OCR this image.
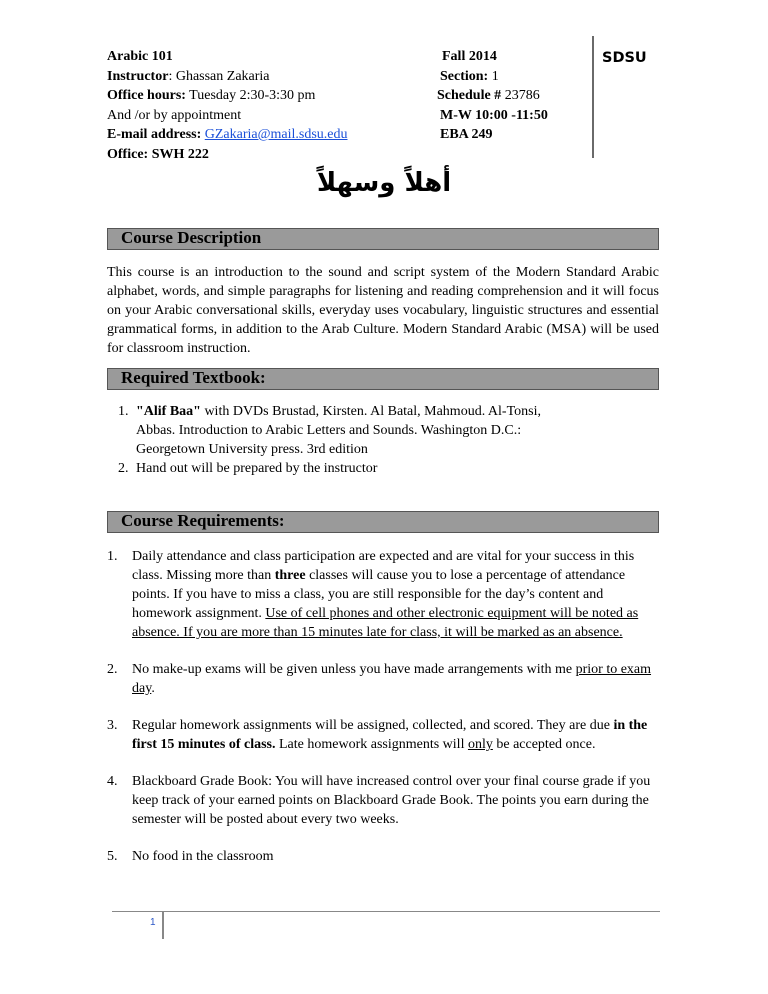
Arabic 101
Instructor: Ghassan Zakaria
Office hours: Tuesday 2:30-3:30 pm
And /or by appointment
E-mail address: GZakaria@mail.sdsu.edu
Office: SWH 222
Fall 2014
Section: 1
Schedule # 23786
M-W 10:00 -11:50
EBA 249
SDSU
أهلاً وسهلاً
Course Description
This course is an introduction to the sound and script system of the Modern Standard Arabic alphabet, words, and simple paragraphs for listening and reading comprehension and it will focus on your Arabic conversational skills, everyday uses vocabulary, linguistic structures and essential grammatical forms, in addition to the Arab Culture. Modern Standard Arabic (MSA) will be used for classroom instruction.
Required Textbook:
1. "Alif Baa" with DVDs Brustad, Kirsten. Al Batal, Mahmoud. Al-Tonsi,
Abbas. Introduction to Arabic Letters and Sounds. Washington D.C.:
Georgetown University press. 3rd edition
2. Hand out will be prepared by the instructor
Course Requirements:
1.	Daily attendance and class participation are expected and are vital for your success in this class. Missing more than three classes will cause you to lose a percentage of attendance points. If you have to miss a class, you are still responsible for the day’s content and homework assignment. Use of cell phones and other electronic equipment will be noted as absence. If you are more than 15 minutes late for class, it will be marked as an absence.
2.	No make-up exams will be given unless you have made arrangements with me prior to exam day.
3.	Regular homework assignments will be assigned, collected, and scored. They are due in the first 15 minutes of class. Late homework assignments will only be accepted once.
4.	Blackboard Grade Book: You will have increased control over your final course grade if you keep track of your earned points on Blackboard Grade Book. The points you earn during the semester will be posted about every two weeks.
5.	No food in the classroom
1
